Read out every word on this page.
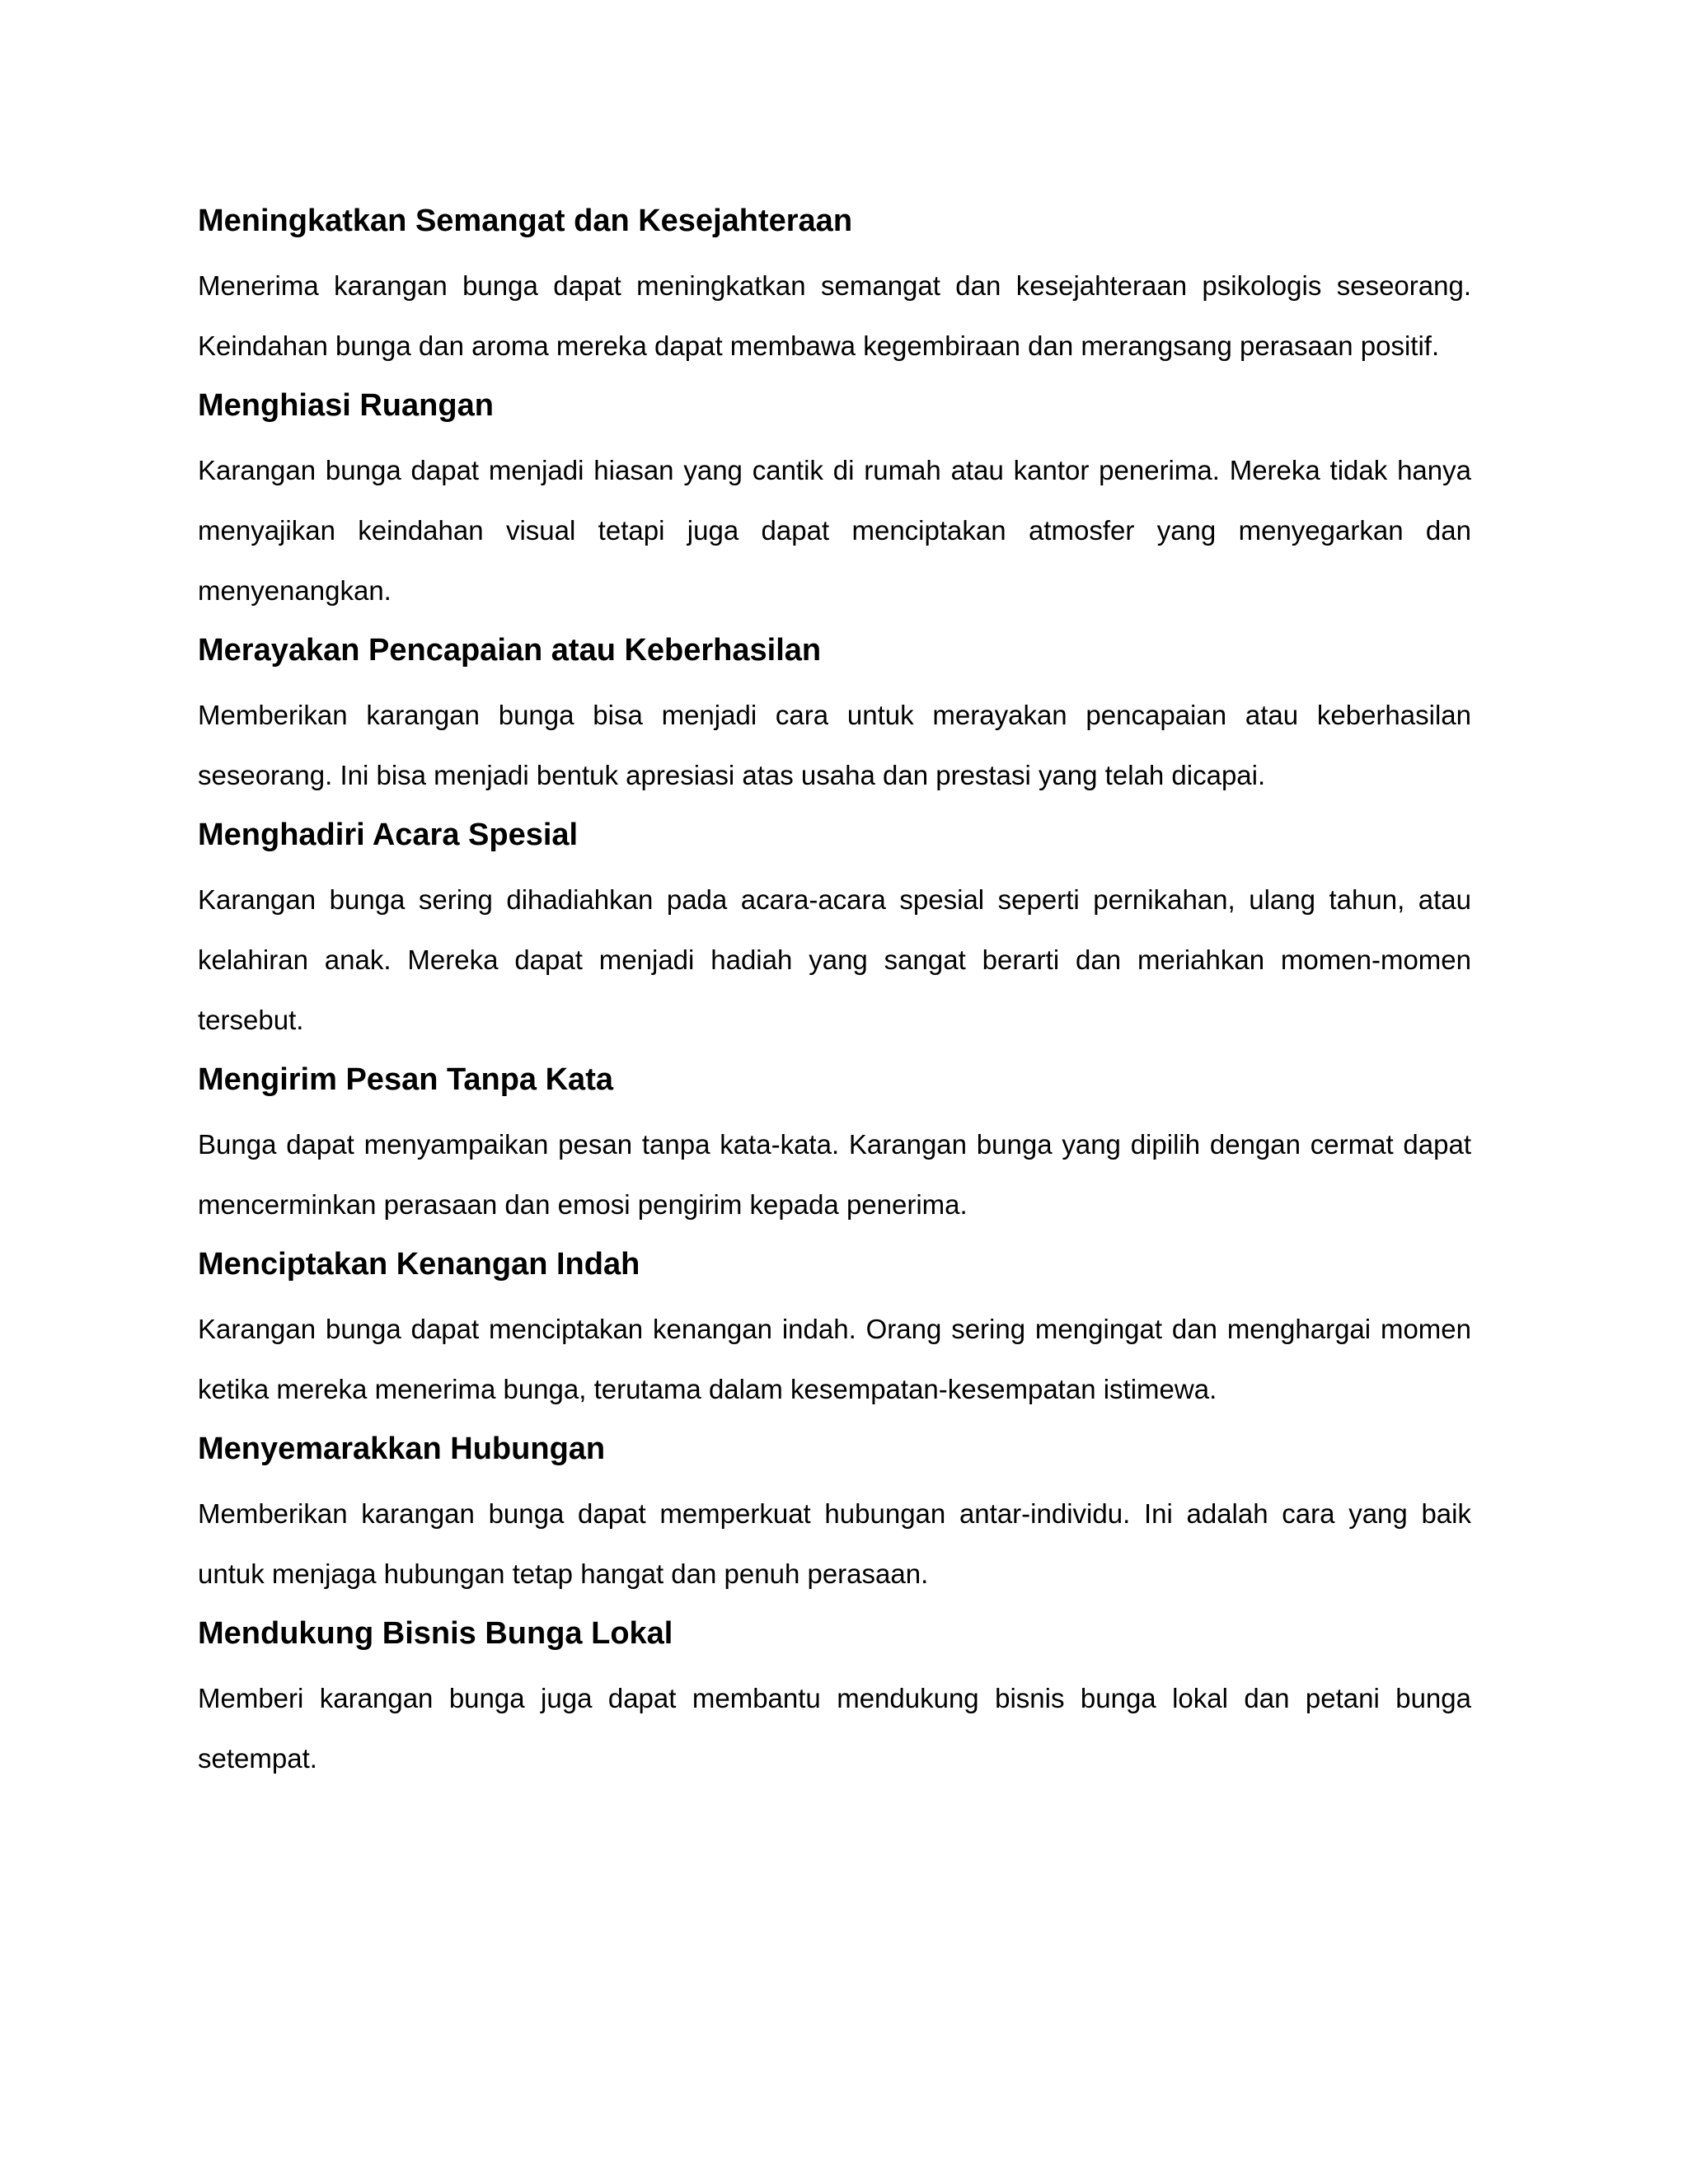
Meningkatkan Semangat dan Kesejahteraan
Menerima karangan bunga dapat meningkatkan semangat dan kesejahteraan psikologis seseorang. Keindahan bunga dan aroma mereka dapat membawa kegembiraan dan merangsang perasaan positif.
Menghiasi Ruangan
Karangan bunga dapat menjadi hiasan yang cantik di rumah atau kantor penerima. Mereka tidak hanya menyajikan keindahan visual tetapi juga dapat menciptakan atmosfer yang menyegarkan dan menyenangkan.
Merayakan Pencapaian atau Keberhasilan
Memberikan karangan bunga bisa menjadi cara untuk merayakan pencapaian atau keberhasilan seseorang. Ini bisa menjadi bentuk apresiasi atas usaha dan prestasi yang telah dicapai.
Menghadiri Acara Spesial
Karangan bunga sering dihadiahkan pada acara-acara spesial seperti pernikahan, ulang tahun, atau kelahiran anak. Mereka dapat menjadi hadiah yang sangat berarti dan meriahkan momen-momen tersebut.
Mengirim Pesan Tanpa Kata
Bunga dapat menyampaikan pesan tanpa kata-kata. Karangan bunga yang dipilih dengan cermat dapat mencerminkan perasaan dan emosi pengirim kepada penerima.
Menciptakan Kenangan Indah
Karangan bunga dapat menciptakan kenangan indah. Orang sering mengingat dan menghargai momen ketika mereka menerima bunga, terutama dalam kesempatan-kesempatan istimewa.
Menyemarakkan Hubungan
Memberikan karangan bunga dapat memperkuat hubungan antar-individu. Ini adalah cara yang baik untuk menjaga hubungan tetap hangat dan penuh perasaan.
Mendukung Bisnis Bunga Lokal
Memberi karangan bunga juga dapat membantu mendukung bisnis bunga lokal dan petani bunga setempat.
